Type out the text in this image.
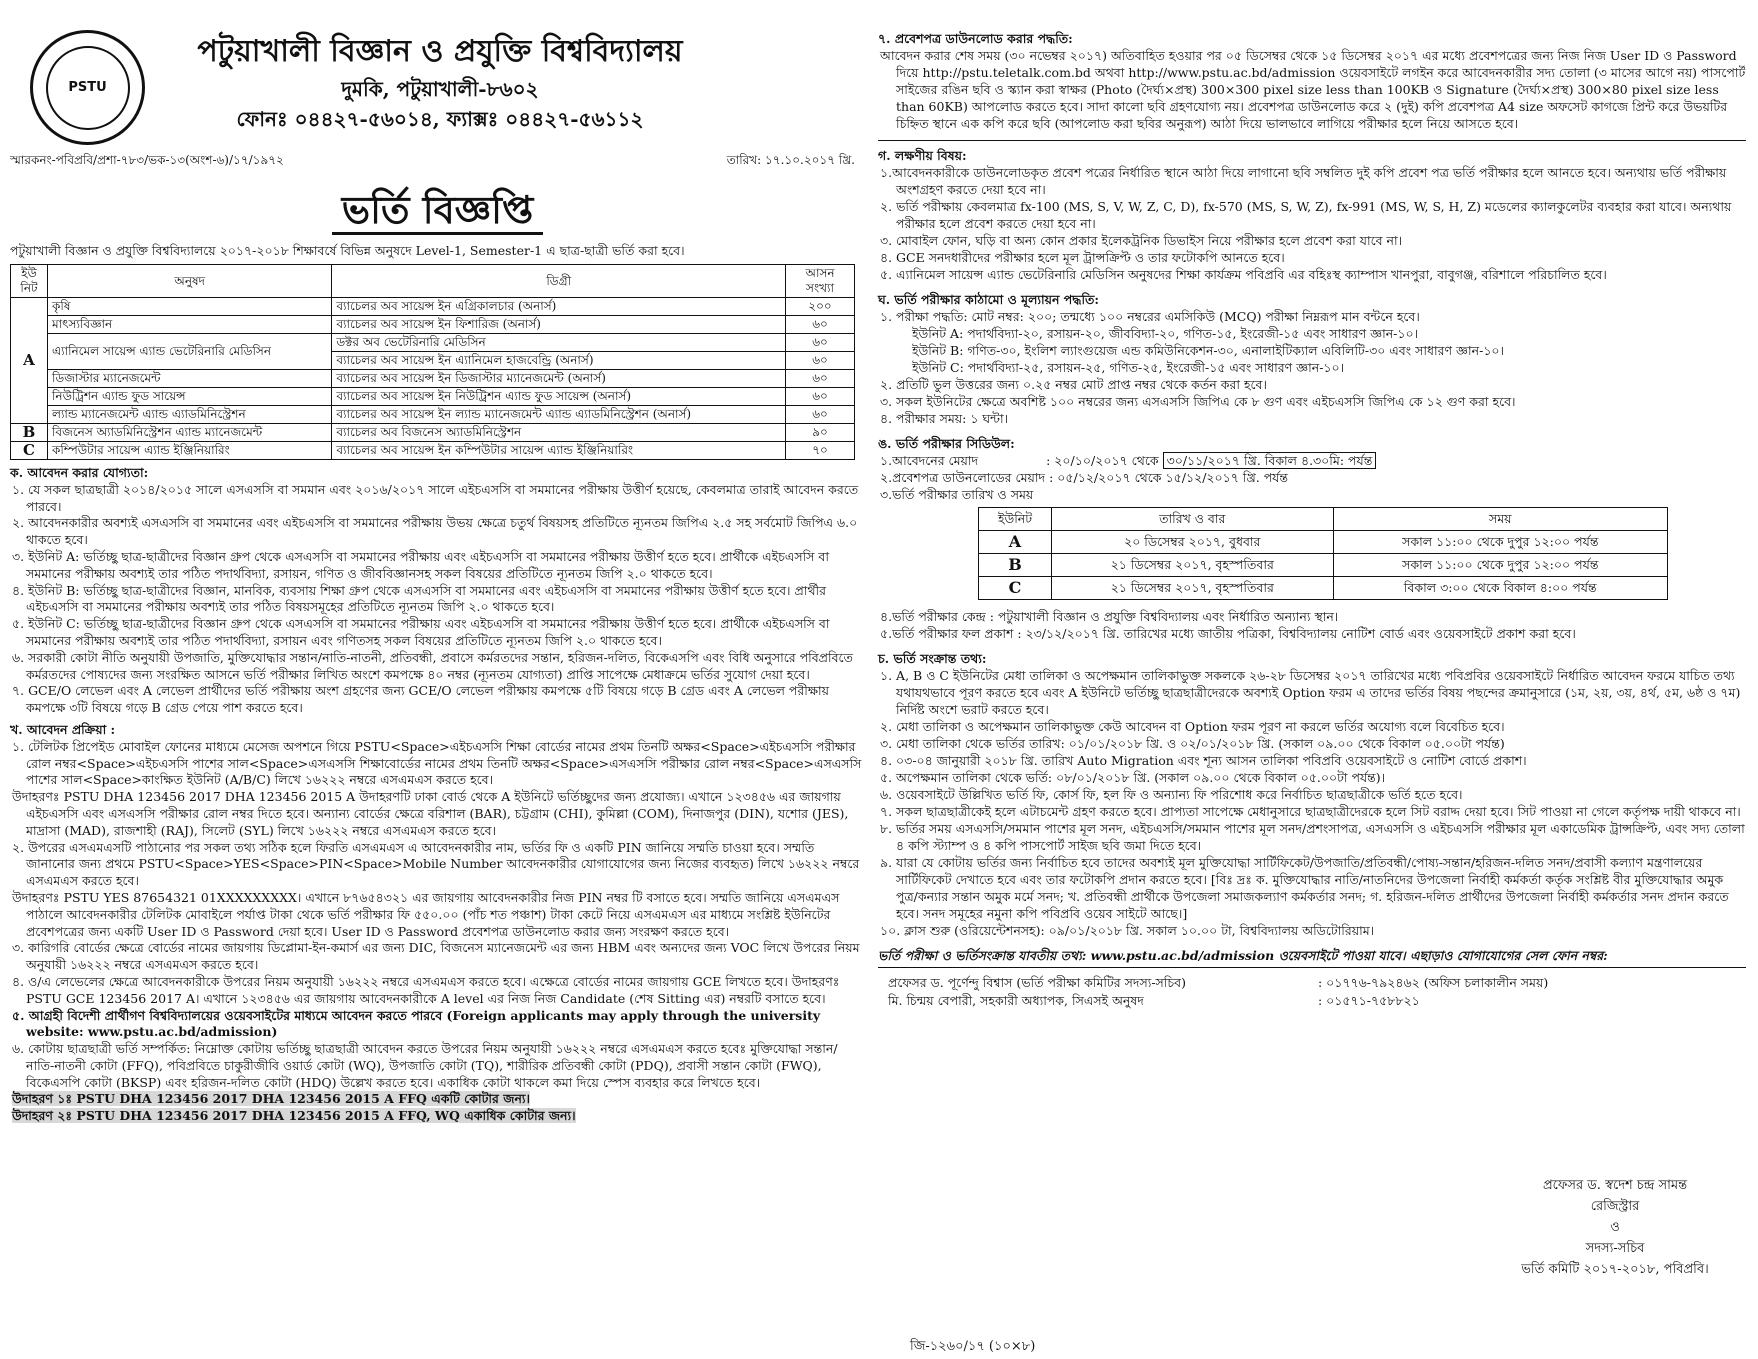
PSTU
পটুয়াখালী বিজ্ঞান ও প্রযুক্তি বিশ্ববিদ্যালয়
দুমকি, পটুয়াখালী-৮৬০২
ফোনঃ ০৪৪২৭-৫৬০১৪, ফ্যাক্সঃ ০৪৪২৭-৫৬১১২
স্মারকনং-পবিপ্রবি/প্রশা-৭৮৩/ভক-১৩(অংশ-৬)/১৭/১৯৭২	তারিখ: ১৭.১০.২০১৭ খ্রি.
ভর্তি বিজ্ঞপ্তি
পটুয়াখালী বিজ্ঞান ও প্রযুক্তি বিশ্ববিদ্যালয়ে ২০১৭-২০১৮ শিক্ষাবর্ষে বিভিন্ন অনুষদে Level-1, Semester-1 এ ছাত্র-ছাত্রী ভর্তি করা হবে।
ইউ নিট	অনুষদ	ডিগ্রী	আসন সংখ্যা
A	কৃষি	ব্যাচেলর অব সায়েন্স ইন এগ্রিকালচার (অনার্স)	২০০
	মাৎস্যবিজ্ঞান	ব্যাচেলর অব সায়েন্স ইন ফিশারিজ (অনার্স)	৬০
	এ্যানিমেল সায়েন্স এ্যান্ড ভেটেরিনারি মেডিসিন	ডক্টর অব ভেটেরিনারি মেডিসিন	৬০
		ব্যাচেলর অব সায়েন্স ইন এ্যানিমেল হাজবেন্ড্রি (অনার্স)	৬০
	ডিজাস্টার ম্যানেজমেন্ট	ব্যাচেলর অব সায়েন্স ইন ডিজাস্টার ম্যানেজমেন্ট (অনার্স)	৬০
	নিউট্রিশন এ্যান্ড ফুড সায়েন্স	ব্যাচেলর অব সায়েন্স ইন নিউট্রিশন এ্যান্ড ফুড সায়েন্স (অনার্স)	৬০
	ল্যান্ড ম্যানেজমেন্ট এ্যান্ড এ্যাডমিনিস্ট্রেশন	ব্যাচেলর অব সায়েন্স ইন ল্যান্ড ম্যানেজমেন্ট এ্যান্ড এ্যাডমিনিস্ট্রেশন (অনার্স)	৬০
B	বিজনেস অ্যাডমিনিস্ট্রেশন এ্যান্ড ম্যানেজমেন্ট	ব্যাচেলর অব বিজনেস অ্যাডমিনিস্ট্রেশন	৯০
C	কম্পিউটার সায়েন্স এ্যান্ড ইঞ্জিনিয়ারিং	ব্যাচেলর অব সায়েন্স ইন কম্পিউটার সায়েন্স এ্যান্ড ইঞ্জিনিয়ারিং	৭০
ক. আবেদন করার যোগ্যতা:
১. যে সকল ছাত্রছাত্রী ২০১৪/২০১৫ সালে এসএসসি বা সমমান এবং ২০১৬/২০১৭ সালে এইচএসসি বা সমমানের পরীক্ষায় উত্তীর্ণ হয়েছে, কেবলমাত্র তারাই আবেদন করতে পারবে।
২. আবেদনকারীর অবশ্যই এসএসসি বা সমমানের এবং এইচএসসি বা সমমানের পরীক্ষায় উভয় ক্ষেত্রে চতুর্থ বিষয়সহ প্রতিটিতে ন্যূনতম জিপিএ ২.৫ সহ সর্বমোট জিপিএ ৬.০ থাকতে হবে।
৩. ইউনিট A: ভর্তিচ্ছু ছাত্র-ছাত্রীদের বিজ্ঞান গ্রুপ থেকে এসএসসি বা সমমানের পরীক্ষায় এবং এইচএসসি বা সমমানের পরীক্ষায় উত্তীর্ণ হতে হবে। প্রার্থীকে এইচএসসি বা সমমানের পরীক্ষায় অবশ্যই তার পঠিত পদার্থবিদ্যা, রসায়ন, গণিত ও জীববিজ্ঞানসহ সকল বিষয়ের প্রতিটিতে ন্যূনতম জিপি ২.০ থাকতে হবে।
৪. ইউনিট B: ভর্তিচ্ছু ছাত্র-ছাত্রীদের বিজ্ঞান, মানবিক, ব্যবসায় শিক্ষা গ্রুপ থেকে এসএসসি বা সমমানের এবং এইচএসসি বা সমমানের পরীক্ষায় উত্তীর্ণ হতে হবে। প্রার্থীর এইচএসসি বা সমমানের পরীক্ষায় অবশ্যই তার পঠিত বিষয়সমূহের প্রতিটিতে ন্যূনতম জিপি ২.০ থাকতে হবে।
৫. ইউনিট C: ভর্তিচ্ছু ছাত্র-ছাত্রীদের বিজ্ঞান গ্রুপ থেকে এসএসসি বা সমমানের পরীক্ষায় এবং এইচএসসি বা সমমানের পরীক্ষায় উত্তীর্ণ হতে হবে। প্রার্থীকে এইচএসসি বা সমমানের পরীক্ষায় অবশ্যই তার পঠিত পদার্থবিদ্যা, রসায়ন এবং গণিতসহ সকল বিষয়ের প্রতিটিতে ন্যূনতম জিপি ২.০ থাকতে হবে।
৬. সরকারী কোটা নীতি অনুযায়ী উপজাতি, মুক্তিযোদ্ধার সন্তান/নাতি-নাতনী, প্রতিবন্ধী, প্রবাসে কর্মরতদের সন্তান, হরিজন-দলিত, বিকেএসপি এবং বিধি অনুসারে পবিপ্রবিতে কর্মরতদের পোষ্যদের জন্য সংরক্ষিত আসনে ভর্তি পরীক্ষার লিখিত অংশে কমপক্ষে ৪০ নম্বর (ন্যূনতম যোগ্যতা) প্রাপ্তি সাপেক্ষে মেধাক্রমে ভর্তির সুযোগ দেয়া হবে।
৭. GCE/O লেভেল এবং A লেভেল প্রার্থীদের ভর্তি পরীক্ষায় অংশ গ্রহণের জন্য GCE/O লেভেল পরীক্ষায় কমপক্ষে ৫টি বিষয়ে গড়ে B গ্রেড এবং A লেভেল পরীক্ষায় কমপক্ষে ৩টি বিষয়ে গড়ে B গ্রেড পেয়ে পাশ করতে হবে।
খ. আবেদন প্রক্রিয়া :
১. টেলিটক প্রিপেইড মোবাইল ফোনের মাধ্যমে মেসেজ অপশনে গিয়ে PSTU<Space>এইচএসসি শিক্ষা বোর্ডের নামের প্রথম তিনটি অক্ষর<Space>এইচএসসি পরীক্ষার রোল নম্বর<Space>এইচএসসি পাশের সাল<Space>এসএসসি শিক্ষাবোর্ডের নামের প্রথম তিনটি অক্ষর<Space>এসএসসি পরীক্ষার রোল নম্বর<Space>এসএসসি পাশের সাল<Space>কাংক্ষিত ইউনিট (A/B/C) লিখে ১৬২২২ নম্বরে এসএমএস করতে হবে।
উদাহরণঃ PSTU DHA 123456 2017 DHA 123456 2015 A উদাহরণটি ঢাকা বোর্ড থেকে A ইউনিটে ভর্তিচ্ছুদের জন্য প্রযোজ্য। এখানে ১২৩৪৫৬ এর জায়গায় এইচএসসি এবং এসএসসি পরীক্ষার রোল নম্বর দিতে হবে। অন্যান্য বোর্ডের ক্ষেত্রে বরিশাল (BAR), চট্টগ্রাম (CHI), কুমিল্লা (COM), দিনাজপুর (DIN), যশোর (JES), মাদ্রাসা (MAD), রাজশাহী (RAJ), সিলেট (SYL) লিখে ১৬২২২ নম্বরে এসএমএস করতে হবে।
২. উপরের এসএমএসটি পাঠানোর পর সকল তথ্য সঠিক হলে ফিরতি এসএমএস এ আবেদনকারীর নাম, ভর্তির ফি ও একটি PIN জানিয়ে সম্মতি চাওয়া হবে। সম্মতি জানানোর জন্য প্রথমে PSTU<Space>YES<Space>PIN<Space>Mobile Number আবেদনকারীর যোগাযোগের জন্য নিজের ব্যবহৃত) লিখে ১৬২২২ নম্বরে এসএমএস করতে হবে।
উদাহরণঃ PSTU YES 87654321 01XXXXXXXXX। এখানে ৮৭৬৫৪৩২১ এর জায়গায় আবেদনকারীর নিজ PIN নম্বর টি বসাতে হবে। সম্মতি জানিয়ে এসএমএস পাঠালে আবেদনকারীর টেলিটক মোবাইলে পর্যাপ্ত টাকা থেকে ভর্তি পরীক্ষার ফি ৫৫০.০০ (পাঁচ শত পঞ্চাশ) টাকা কেটে নিয়ে এসএমএস এর মাধ্যমে সংশ্লিষ্ট ইউনিটের প্রবেশপত্রের জন্য একটি User ID ও Password দেয়া হবে। User ID ও Password প্রবেশপত্র ডাউনলোড করার জন্য সংরক্ষণ করতে হবে।
৩. কারিগরি বোর্ডের ক্ষেত্রে বোর্ডের নামের জায়গায় ডিপ্লোমা-ইন-কমার্স এর জন্য DIC, বিজনেস ম্যানেজমেন্ট এর জন্য HBM এবং অন্যদের জন্য VOC লিখে উপরের নিয়ম অনুযায়ী ১৬২২২ নম্বরে এসএমএস করতে হবে।
৪. ও/এ লেভেলের ক্ষেত্রে আবেদনকারীকে উপরের নিয়ম অনুযায়ী ১৬২২২ নম্বরে এসএমএস করতে হবে। এক্ষেত্রে বোর্ডের নামের জায়গায় GCE লিখতে হবে। উদাহরণঃ PSTU GCE 123456 2017 A। এখানে ১২৩৪৫৬ এর জায়গায় আবেদনকারীকে A level এর নিজ নিজ Candidate (শেষ Sitting এর) নম্বরটি বসাতে হবে।
৫. আগ্রহী বিদেশী প্রার্থীগণ বিশ্ববিদ্যালয়ের ওয়েবসাইটের মাধ্যমে আবেদন করতে পারবে (Foreign applicants may apply through the university website: www.pstu.ac.bd/admission)
৬. কোটায় ছাত্রছাত্রী ভর্তি সম্পর্কিত: নিম্নোক্ত কোটায় ভর্তিচ্ছু ছাত্রছাত্রী আবেদন করতে উপরের নিয়ম অনুযায়ী ১৬২২২ নম্বরে এসএমএস করতে হবেঃ মুক্তিযোদ্ধা সন্তান/নাতি-নাতনী কোটা (FFQ), পবিপ্রবিতে চাকুরীজীবি ওয়ার্ড কোটা (WQ), উপজাতি কোটা (TQ), শারীরিক প্রতিবন্ধী কোটা (PDQ), প্রবাসী সন্তান কোটা (FWQ), বিকেএসপি কোটা (BKSP) এবং হরিজন-দলিত কোটা (HDQ) উল্লেখ করতে হবে। একাধিক কোটা থাকলে কমা দিয়ে স্পেস ব্যবহার করে লিখতে হবে।
উদাহরণ ১ঃ PSTU DHA 123456 2017 DHA 123456 2015 A FFQ একটি কোটার জন্য।
উদাহরণ ২ঃ PSTU DHA 123456 2017 DHA 123456 2015 A FFQ, WQ একাধিক কোটার জন্য।
৭. প্রবেশপত্র ডাউনলোড করার পদ্ধতি:
আবেদন করার শেষ সময় (৩০ নভেম্বর ২০১৭) অতিবাহিত হওয়ার পর ০৫ ডিসেম্বর থেকে ১৫ ডিসেম্বর ২০১৭ এর মধ্যে প্রবেশপত্রের জন্য নিজ নিজ User ID ও Password দিয়ে http://pstu.teletalk.com.bd অথবা http://www.pstu.ac.bd/admission ওয়েবসাইটে লগইন করে আবেদনকারীর সদ্য তোলা (৩ মাসের আগে নয়) পাসপোর্ট সাইজের রঙিন ছবি ও স্ক্যান করা স্বাক্ষর (Photo (দৈর্ঘ্য×প্রস্থ) 300×300 pixel size less than 100KB ও Signature (দৈর্ঘ্য×প্রস্থ) 300×80 pixel size less than 60KB) আপলোড করতে হবে। সাদা কালো ছবি গ্রহণযোগ্য নয়। প্রবেশপত্র ডাউনলোড করে ২ (দুই) কপি প্রবেশপত্র A4 size অফসেট কাগজে প্রিন্ট করে উভয়টির চিহ্নিত স্থানে এক কপি করে ছবি (আপলোড করা ছবির অনুরূপ) আঠা দিয়ে ভালভাবে লাগিয়ে পরীক্ষার হলে নিয়ে আসতে হবে।
গ. লক্ষণীয় বিষয়:
১.আবেদনকারীকে ডাউনলোডকৃত প্রবেশ পত্রের নির্ধারিত স্থানে আঠা দিয়ে লাগানো ছবি সম্বলিত দুই কপি প্রবেশ পত্র ভর্তি পরীক্ষার হলে আনতে হবে। অন্যথায় ভর্তি পরীক্ষায় অংশগ্রহণ করতে দেয়া হবে না।
২. ভর্তি পরীক্ষায় কেবলমাত্র fx-100 (MS, S, V, W, Z, C, D), fx-570 (MS, S, W, Z), fx-991 (MS, W, S, H, Z) মডেলের ক্যালকুলেটর ব্যবহার করা যাবে। অন্যথায় পরীক্ষার হলে প্রবেশ করতে দেয়া হবে না।
৩. মোবাইল ফোন, ঘড়ি বা অন্য কোন প্রকার ইলেকট্রনিক ডিভাইস নিয়ে পরীক্ষার হলে প্রবেশ করা যাবে না।
৪. GCE সনদধারীদের পরীক্ষার হলে মূল ট্রান্সক্রিপ্ট ও তার ফটোকপি আনতে হবে।
৫. এ্যানিমেল সায়েন্স এ্যান্ড ভেটেরিনারি মেডিসিন অনুষদের শিক্ষা কার্যক্রম পবিপ্রবি এর বহিঃস্থ ক্যাম্পাস খানপুরা, বাবুগঞ্জ, বরিশালে পরিচালিত হবে।
ঘ. ভর্তি পরীক্ষার কাঠামো ও মূল্যায়ন পদ্ধতি:
১. পরীক্ষা পদ্ধতি: মোট নম্বর: ২০০; তন্মধ্যে ১০০ নম্বরের এমসিকিউ (MCQ) পরীক্ষা নিম্নরূপ মান বন্টনে হবে।
ইউনিট A: পদার্থবিদ্যা-২০, রসায়ন-২০, জীববিদ্যা-২০, গণিত-১৫, ইংরেজী-১৫ এবং সাধারণ জ্ঞান-১০।
ইউনিট B: গণিত-৩০, ইংলিশ ল্যাংগুয়েজ এন্ড কমিউনিকেশন-৩০, এনালাইটিক্যাল এবিলিটি-৩০ এবং সাধারণ জ্ঞান-১০।
ইউনিট C: পদার্থবিদ্যা-২৫, রসায়ন-২৫, গণিত-২৫, ইংরেজী-১৫ এবং সাধারণ জ্ঞান-১০।
২. প্রতিটি ভুল উত্তরের জন্য ০.২৫ নম্বর মোট প্রাপ্ত নম্বর থেকে কর্তন করা হবে।
৩. সকল ইউনিটের ক্ষেত্রে অবশিষ্ট ১০০ নম্বরের জন্য এসএসসি জিপিএ কে ৮ গুণ এবং এইচএসসি জিপিএ কে ১২ গুণ করা হবে।
৪. পরীক্ষার সময়: ১ ঘন্টা।
ঙ. ভর্তি পরীক্ষার সিডিউল:
১.আবেদনের মেয়াদ	: ২০/১০/২০১৭ থেকে ৩০/১১/২০১৭ খ্রি. বিকাল ৪.৩০মি: পর্যন্ত
২.প্রবেশপত্র ডাউনলোডের মেয়াদ : ০৫/১২/২০১৭ থেকে ১৫/১২/২০১৭ খ্রি. পর্যন্ত
৩.ভর্তি পরীক্ষার তারিখ ও সময়
ইউনিট	তারিখ ও বার	সময়
A	২০ ডিসেম্বর ২০১৭, বুধবার	সকাল ১১:০০ থেকে দুপুর ১২:০০ পর্যন্ত
B	২১ ডিসেম্বর ২০১৭, বৃহস্পতিবার	সকাল ১১:০০ থেকে দুপুর ১২:০০ পর্যন্ত
C	২১ ডিসেম্বর ২০১৭, বৃহস্পতিবার	বিকাল ৩:০০ থেকে বিকাল ৪:০০ পর্যন্ত
৪.ভর্তি পরীক্ষার কেন্দ্র : পটুয়াখালী বিজ্ঞান ও প্রযুক্তি বিশ্ববিদ্যালয় এবং নির্ধারিত অন্যান্য স্থান।
৫.ভর্তি পরীক্ষার ফল প্রকাশ : ২৩/১২/২০১৭ খ্রি. তারিখের মধ্যে জাতীয় পত্রিকা, বিশ্ববিদ্যালয় নোটিশ বোর্ড এবং ওয়েবসাইটে প্রকাশ করা হবে।
চ. ভর্তি সংক্রান্ত তথ্য:
১. A, B ও C ইউনিটের মেধা তালিকা ও অপেক্ষমান তালিকাভুক্ত সকলকে ২৬-২৮ ডিসেম্বর ২০১৭ তারিখের মধ্যে পবিপ্রবির ওয়েবসাইটে নির্ধারিত আবেদন ফরমে যাচিত তথ্য যথাযথভাবে পূরণ করতে হবে এবং A ইউনিটে ভর্তিচ্ছু ছাত্রছাত্রীদেরকে অবশ্যই Option ফরম এ তাদের ভর্তির বিষয় পছন্দের ক্রমানুসারে (১ম, ২য়, ৩য়, ৪র্থ, ৫ম, ৬ষ্ঠ ও ৭ম) নির্দিষ্ট অংশে ভরাট করতে হবে।
২. মেধা তালিকা ও অপেক্ষমান তালিকাভুক্ত কেউ আবেদন বা Option ফরম পূরণ না করলে ভর্তির অযোগ্য বলে বিবেচিত হবে।
৩. মেধা তালিকা থেকে ভর্তির তারিখ: ০১/০১/২০১৮ খ্রি. ও ০২/০১/২০১৮ খ্রি. (সকাল ০৯.০০ থেকে বিকাল ০৫.০০টা পর্যন্ত)
৪. ০৩-০৪ জানুয়ারী ২০১৮ খ্রি. তারিখ Auto Migration এবং শূন্য আসন তালিকা পবিপ্রবি ওয়েবসাইটে ও নোটিশ বোর্ডে প্রকাশ।
৫. অপেক্ষমান তালিকা থেকে ভর্তি: ০৮/০১/২০১৮ খ্রি. (সকাল ০৯.০০ থেকে বিকাল ০৫.০০টা পর্যন্ত)।
৬. ওয়েবসাইটে উল্লিখিত ভর্তি ফি, কোর্স ফি, হল ফি ও অন্যান্য ফি পরিশোধ করে নির্বাচিত ছাত্রছাত্রীকে ভর্তি হতে হবে।
৭. সকল ছাত্রছাত্রীকেই হলে এটাচমেন্ট গ্রহণ করতে হবে। প্রাপ্যতা সাপেক্ষে মেধানুসারে ছাত্রছাত্রীদেরকে হলে সিট বরাদ্দ দেয়া হবে। সিট পাওয়া না গেলে কর্তৃপক্ষ দায়ী থাকবে না।
৮. ভর্তির সময় এসএসসি/সমমান পাশের মূল সনদ, এইচএসসি/সমমান পাশের মূল সনদ/প্রশংসাপত্র, এসএসসি ও এইচএসসি পরীক্ষার মূল একাডেমিক ট্রান্সক্রিপ্ট, এবং সদ্য তোলা ৪ কপি স্ট্যাম্প ও ৪ কপি পাসপোর্ট সাইজ ছবি জমা দিতে হবে।
৯. যারা যে কোটায় ভর্তির জন্য নির্বাচিত হবে তাদের অবশ্যই মূল মুক্তিযোদ্ধা সার্টিফিকেট/উপজাতি/প্রতিবন্ধী/পোষ্য-সন্তান/হরিজন-দলিত সনদ/প্রবাসী কল্যাণ মন্ত্রণালয়ের সার্টিফিকেট দেখাতে হবে এবং তার ফটোকপি প্রদান করতে হবে। [বিঃ দ্রঃ ক. মুক্তিযোদ্ধার নাতি/নাতনিদের উপজেলা নির্বাহী কর্মকর্তা কর্তৃক সংশ্লিষ্ট বীর মুক্তিযোদ্ধার অমুক পুত্র/কন্যার সন্তান অমুক মর্মে সনদ; খ. প্রতিবন্ধী প্রার্থীকে উপজেলা সমাজকল্যাণ কর্মকর্তার সনদ; গ. হরিজন-দলিত প্রার্থীদের উপজেলা নির্বাহী কর্মকর্তার সনদ প্রদান করতে হবে। সনদ সমূহের নমুনা কপি পবিপ্রবি ওয়েব সাইটে আছে।]
১০. ক্লাস শুরু (ওরিয়েন্টেশনসহ): ০৯/০১/২০১৮ খ্রি. সকাল ১০.০০ টা, বিশ্ববিদ্যালয় অডিটোরিয়াম।
ভর্তি পরীক্ষা ও ভর্তিসংক্রান্ত যাবতীয় তথ্য: www.pstu.ac.bd/admission ওয়েবসাইটে পাওয়া যাবে। এছাড়াও যোগাযোগের সেল ফোন নম্বর:
প্রফেসর ড. পূর্ণেন্দু বিশ্বাস (ভর্তি পরীক্ষা কমিটির সদস্য-সচিব)	: ০১৭৭৬-৭৯২৪৬২ (অফিস চলাকালীন সময়)
মি. চিন্ময় বেপারী, সহকারী অধ্যাপক, সিএসই অনুষদ	: ০১৫৭১-৭৫৮৮২১
প্রফেসর ড. স্বদেশ চন্দ্র সামন্ত
রেজিস্ট্রার
ও
সদস্য-সচিব
ভর্তি কমিটি ২০১৭-২০১৮, পবিপ্রবি।
জি-১২৬০/১৭ (১০×৮)
